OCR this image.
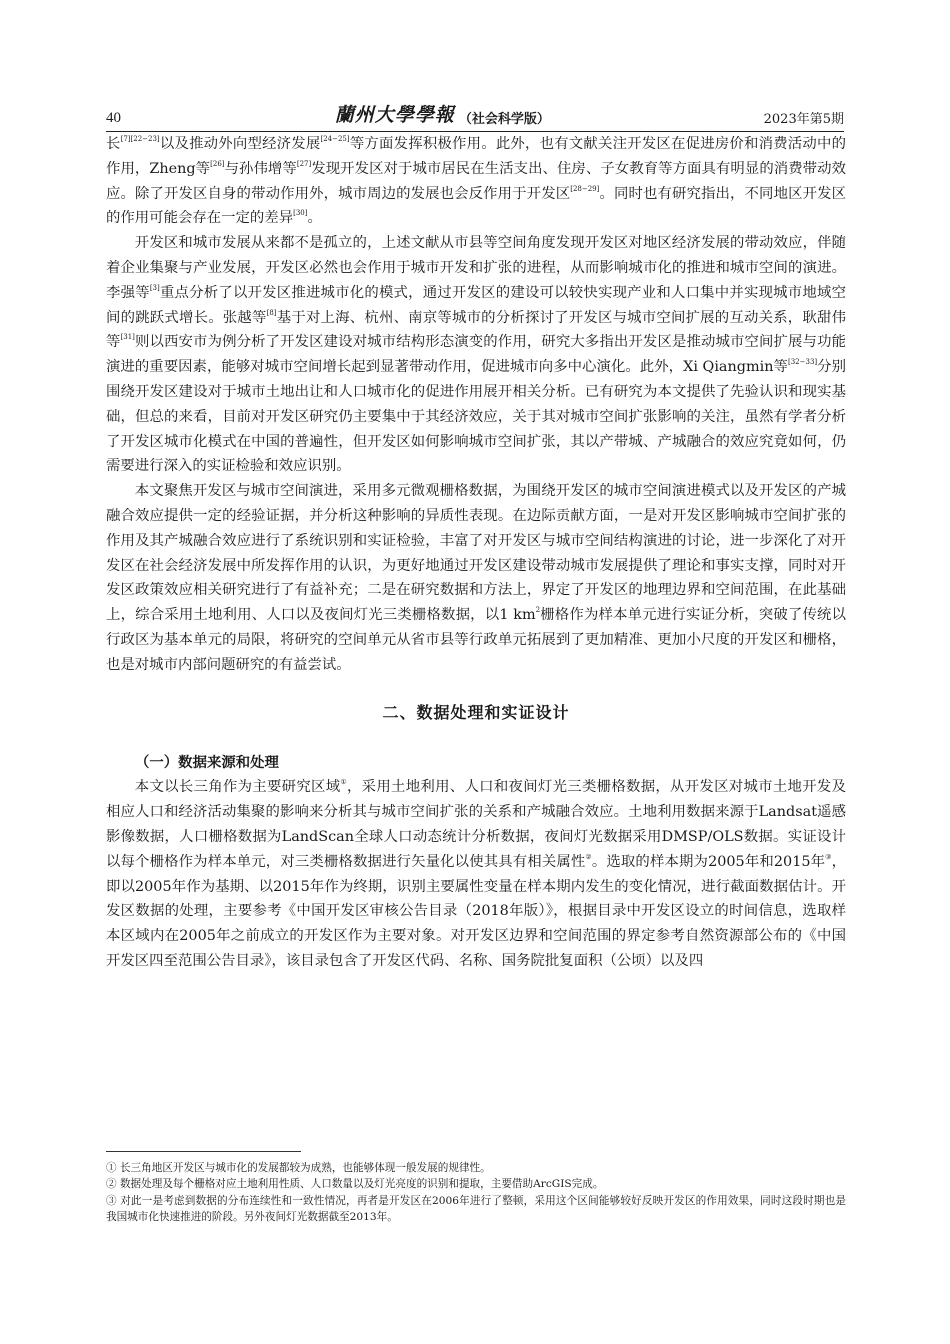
40	蘭州大學學報 （社会科学版）	2023年第5期

长[7][22−23]以及推动外向型经济发展[24−25]等方面发挥积极作用。此外，也有文献关注开发区在促进房价和消费活动中的作用，Zheng等[26]与孙伟增等[27]发现开发区对于城市居民在生活支出、住房、子女教育等方面具有明显的消费带动效应。除了开发区自身的带动作用外，城市周边的发展也会反作用于开发区[28−29]。同时也有研究指出，不同地区开发区的作用可能会存在一定的差异[30]。

开发区和城市发展从来都不是孤立的，上述文献从市县等空间角度发现开发区对地区经济发展的带动效应，伴随着企业集聚与产业发展，开发区必然也会作用于城市开发和扩张的进程，从而影响城市化的推进和城市空间的演进。李强等[3]重点分析了以开发区推进城市化的模式，通过开发区的建设可以较快实现产业和人口集中并实现城市地域空间的跳跃式增长。张越等[8]基于对上海、杭州、南京等城市的分析探讨了开发区与城市空间扩展的互动关系，耿甜伟等[31]则以西安市为例分析了开发区建设对城市结构形态演变的作用，研究大多指出开发区是推动城市空间扩展与功能演进的重要因素，能够对城市空间增长起到显著带动作用，促进城市向多中心演化。此外，Xi Qiangmin等[32−33]分别围绕开发区建设对于城市土地出让和人口城市化的促进作用展开相关分析。已有研究为本文提供了先验认识和现实基础，但总的来看，目前对开发区研究仍主要集中于其经济效应，关于其对城市空间扩张影响的关注，虽然有学者分析了开发区城市化模式在中国的普遍性，但开发区如何影响城市空间扩张，其以产带城、产城融合的效应究竟如何，仍需要进行深入的实证检验和效应识别。

本文聚焦开发区与城市空间演进，采用多元微观栅格数据，为围绕开发区的城市空间演进模式以及开发区的产城融合效应提供一定的经验证据，并分析这种影响的异质性表现。在边际贡献方面，一是对开发区影响城市空间扩张的作用及其产城融合效应进行了系统识别和实证检验，丰富了对开发区与城市空间结构演进的讨论，进一步深化了对开发区在社会经济发展中所发挥作用的认识，为更好地通过开发区建设带动城市发展提供了理论和事实支撑，同时对开发区政策效应相关研究进行了有益补充；二是在研究数据和方法上，界定了开发区的地理边界和空间范围，在此基础上，综合采用土地利用、人口以及夜间灯光三类栅格数据，以1 $km^2$栅格作为样本单元进行实证分析，突破了传统以行政区为基本单元的局限，将研究的空间单元从省市县等行政单元拓展到了更加精准、更加小尺度的开发区和栅格，也是对城市内部问题研究的有益尝试。

二、数据处理和实证设计
（一）数据来源和处理

本文以长三角作为主要研究区域①，采用土地利用、人口和夜间灯光三类栅格数据，从开发区对城市土地开发及相应人口和经济活动集聚的影响来分析其与城市空间扩张的关系和产城融合效应。土地利用数据来源于Landsat遥感影像数据，人口栅格数据为LandScan全球人口动态统计分析数据，夜间灯光数据采用DMSP/OLS数据。实证设计以每个栅格作为样本单元，对三类栅格数据进行矢量化以使其具有相关属性②。选取的样本期为2005年和2015年③，即以2005年作为基期、以2015年作为终期，识别主要属性变量在样本期内发生的变化情况，进行截面数据估计。开发区数据的处理，主要参考《中国开发区审核公告目录（2018年版）》，根据目录中开发区设立的时间信息，选取样本区域内在2005年之前成立的开发区作为主要对象。对开发区边界和空间范围的界定参考自然资源部公布的《中国开发区四至范围公告目录》，该目录包含了开发区代码、名称、国务院批复面积（公顷）以及四

① 长三角地区开发区与城市化的发展都较为成熟，也能够体现一般发展的规律性。

② 数据处理及每个栅格对应土地利用性质、人口数量以及灯光亮度的识别和提取，主要借助ArcGIS完成。

③ 对此一是考虑到数据的分布连续性和一致性情况，再者是开发区在2006年进行了整顿，采用这个区间能够较好反映开发区的作用效果，同时这段时期也是我国城市化快速推进的阶段。另外夜间灯光数据截至2013年。
